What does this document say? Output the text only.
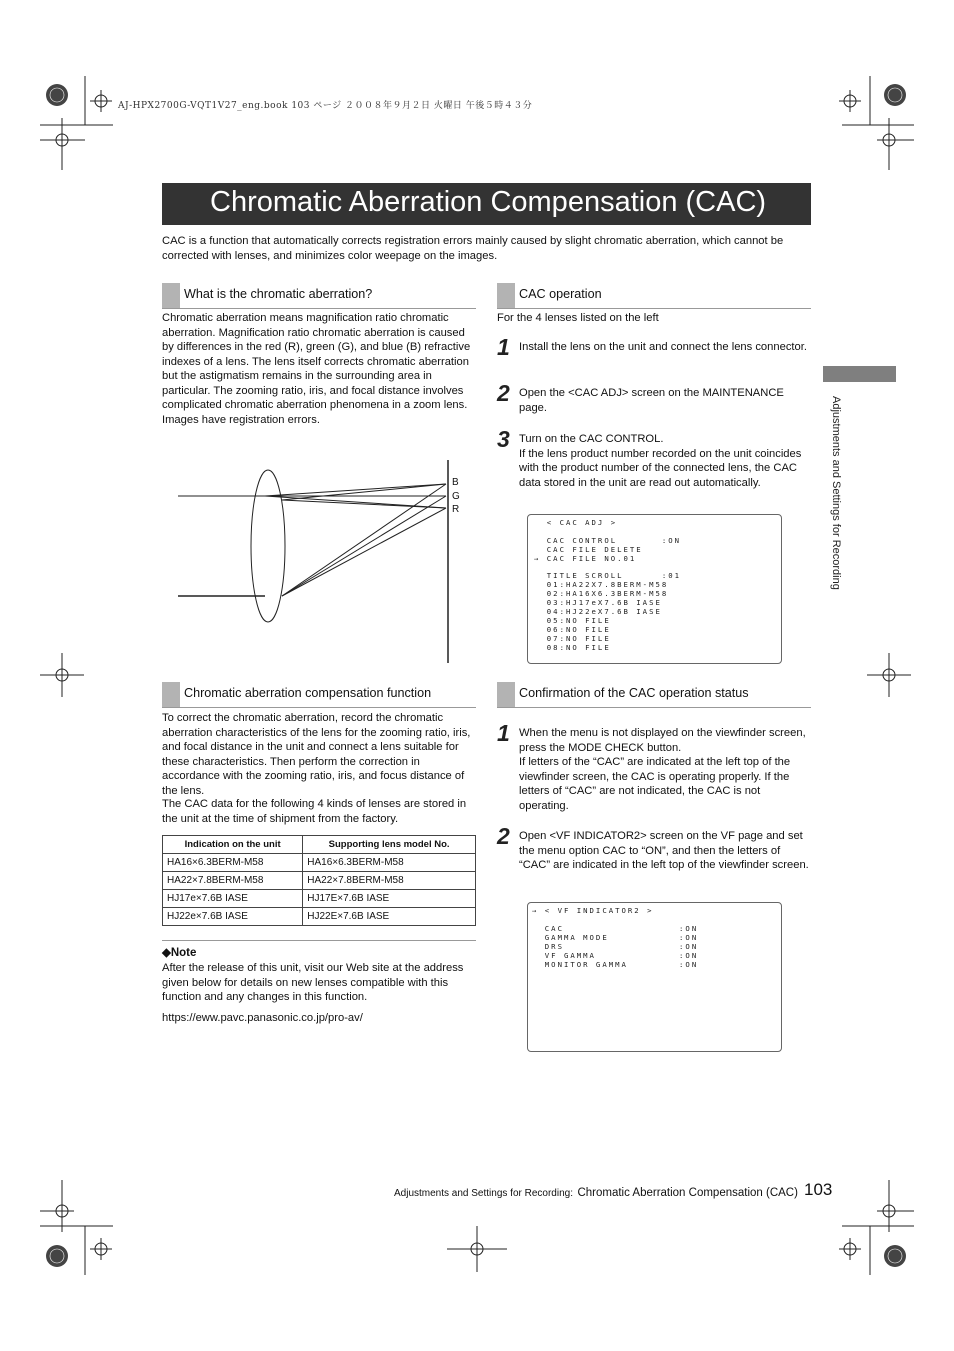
AJ-HPX2700G-VQT1V27_eng.book 103 ページ ２００８年９月２日 火曜日 午後５時４３分
Chromatic Aberration Compensation (CAC)
CAC is a function that automatically corrects registration errors mainly caused by slight chromatic aberration, which cannot be corrected with lenses, and minimizes color weepage on the images.
Adjustments and Settings for Recording
What is the chromatic aberration?
Chromatic aberration means magnification ratio chromatic aberration. Magnification ratio chromatic aberration is caused by differences in the red (R), green (G), and blue (B) refractive indexes of a lens. The lens itself corrects chromatic aberration but the astigmatism remains in the surrounding area in particular. The zooming ratio, iris, and focal distance involves complicated chromatic aberration phenomena in a zoom lens. Images have registration errors.
B
G
R
Chromatic aberration compensation function
To correct the chromatic aberration, record the chromatic aberration characteristics of the lens for the zooming ratio, iris, and focal distance in the unit and connect a lens suitable for these characteristics. Then perform the correction in accordance with the zooming ratio, iris, and focus distance of the lens.
The CAC data for the following 4 kinds of lenses are stored in the unit at the time of shipment from the factory.
Indication on the unit	Supporting lens model No.
HA16×6.3BERM-M58	HA16×6.3BERM-M58
HA22×7.8BERM-M58	HA22×7.8BERM-M58
HJ17e×7.6B IASE	HJ17E×7.6B IASE
HJ22e×7.6B IASE	HJ22E×7.6B IASE
◆Note
After the release of this unit, visit our Web site at the address given below for details on new lenses compatible with this function and any changes in this function.
https://eww.pavc.panasonic.co.jp/pro-av/
CAC operation
For the 4 lenses listed on the left
1 Install the lens on the unit and connect the lens connector.
2 Open the <CAC ADJ> screen on the MAINTENANCE page.
3 Turn on the CAC CONTROL.
If the lens product number recorded on the unit coincides with the product number of the connected lens, the CAC data stored in the unit are read out automatically.
< CAC ADJ >
CAC CONTROL       :ON
CAC FILE DELETE
→ CAC FILE NO.01
TITLE SCROLL      :01
01:HA22X7.8BERM-M58
02:HA16X6.3BERM-M58
03:HJ17eX7.6B IASE
04:HJ22eX7.6B IASE
05:NO FILE
06:NO FILE
07:NO FILE
08:NO FILE
Confirmation of the CAC operation status
1 When the menu is not displayed on the viewfinder screen, press the MODE CHECK button.
If letters of the “CAC” are indicated at the left top of the viewfinder screen, the CAC is operating properly. If the letters of “CAC” are not indicated, the CAC is not operating.
2 Open <VF INDICATOR2> screen on the VF page and set the menu option CAC to “ON”, and then the letters of “CAC” are indicated in the left top of the viewfinder screen.
→ < VF INDICATOR2 >
CAC                  :ON
GAMMA MODE           :ON
DRS                  :ON
VF GAMMA             :ON
MONITOR GAMMA        :ON
Adjustments and Settings for Recording: Chromatic Aberration Compensation (CAC) 103
